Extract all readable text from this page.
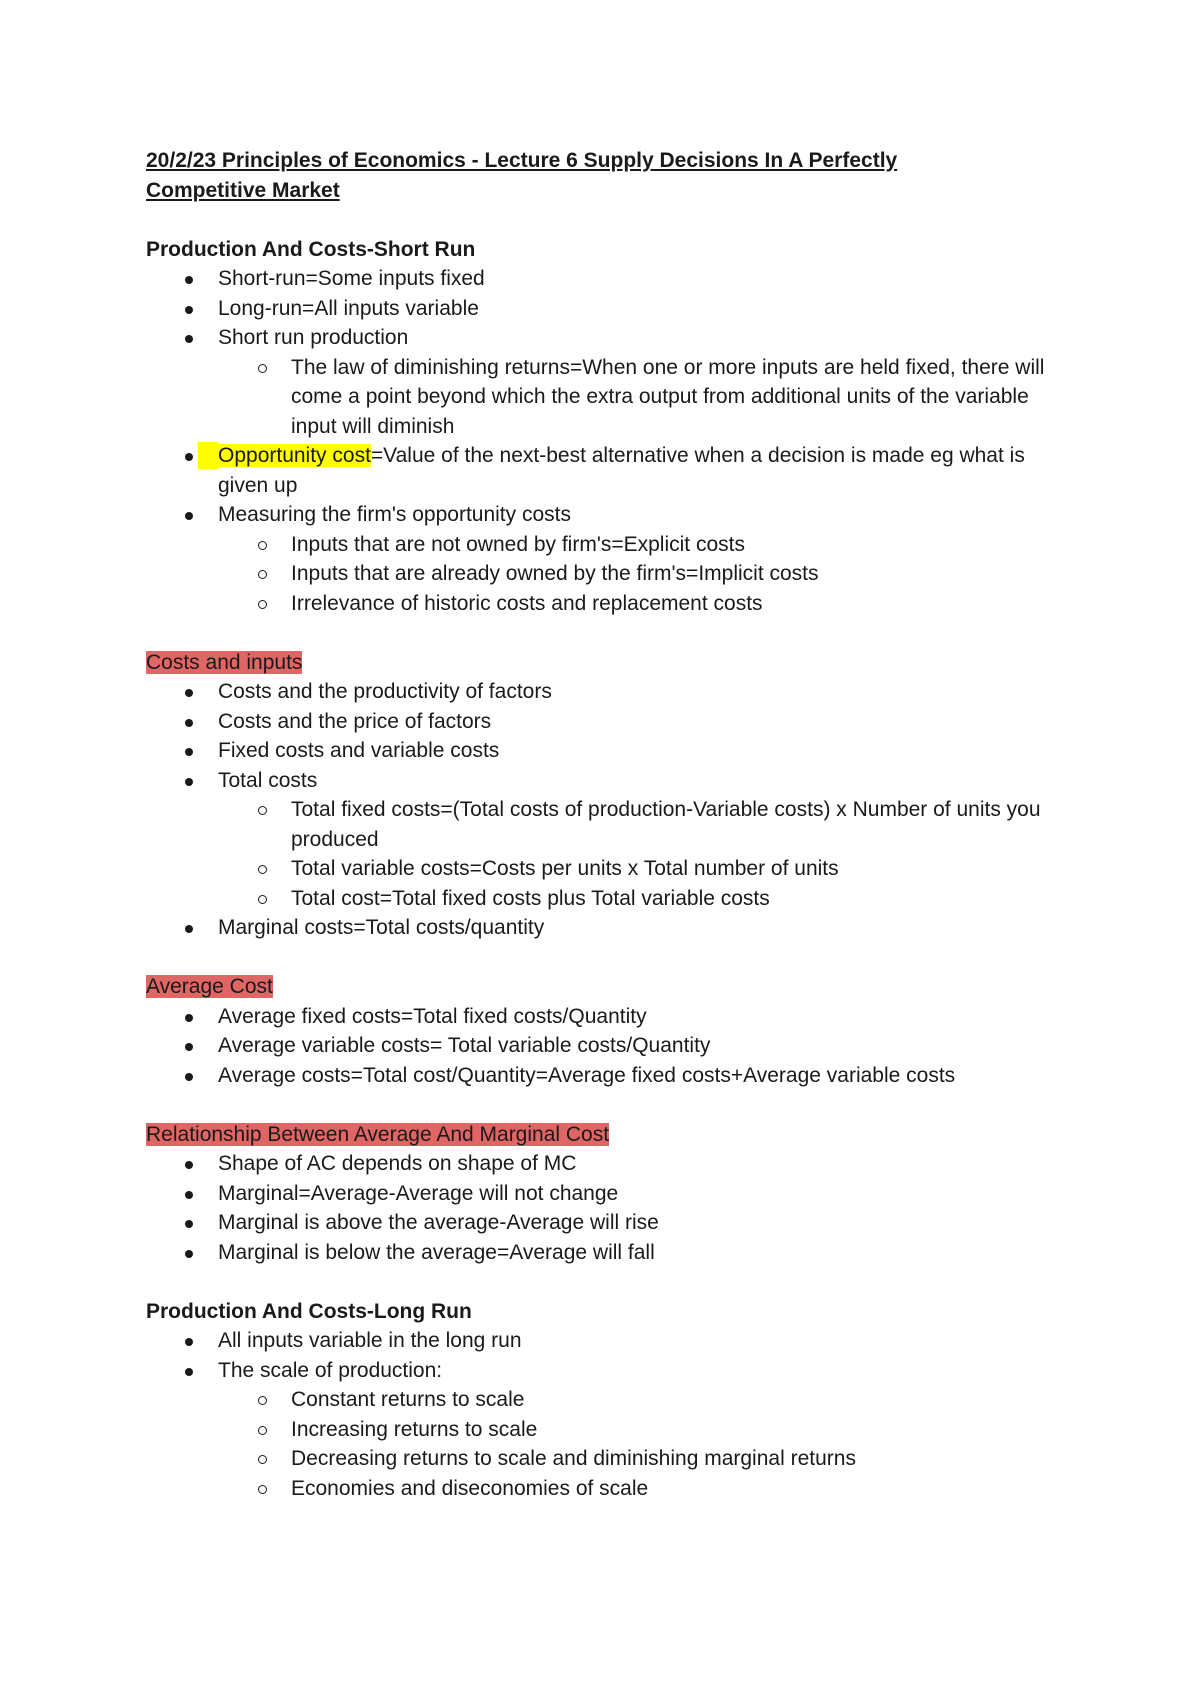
20/2/23 Principles of Economics - Lecture 6 Supply Decisions In A Perfectly
Competitive Market

Production And Costs-Short Run

Short-run=Some inputs fixed
Long-run=All inputs variable
Short run production
The law of diminishing returns=When one or more inputs are held fixed, there will come a point beyond which the extra output from additional units of the variable input will diminish
Opportunity cost=Value of the next-best alternative when a decision is made eg what is given up
Measuring the firm's opportunity costs
Inputs that are not owned by firm's=Explicit costs
Inputs that are already owned by the firm's=Implicit costs
Irrelevance of historic costs and replacement costs

Costs and inputs

Costs and the productivity of factors
Costs and the price of factors
Fixed costs and variable costs
Total costs
Total fixed costs=(Total costs of production-Variable costs) x Number of units you produced
Total variable costs=Costs per units x Total number of units
Total cost=Total fixed costs plus Total variable costs
Marginal costs=Total costs/quantity

Average Cost

Average fixed costs=Total fixed costs/Quantity
Average variable costs= Total variable costs/Quantity
Average costs=Total cost/Quantity=Average fixed costs+Average variable costs

Relationship Between Average And Marginal Cost

Shape of AC depends on shape of MC
Marginal=Average-Average will not change
Marginal is above the average-Average will rise
Marginal is below the average=Average will fall

Production And Costs-Long Run

All inputs variable in the long run
The scale of production:
Constant returns to scale
Increasing returns to scale
Decreasing returns to scale and diminishing marginal returns
Economies and diseconomies of scale
